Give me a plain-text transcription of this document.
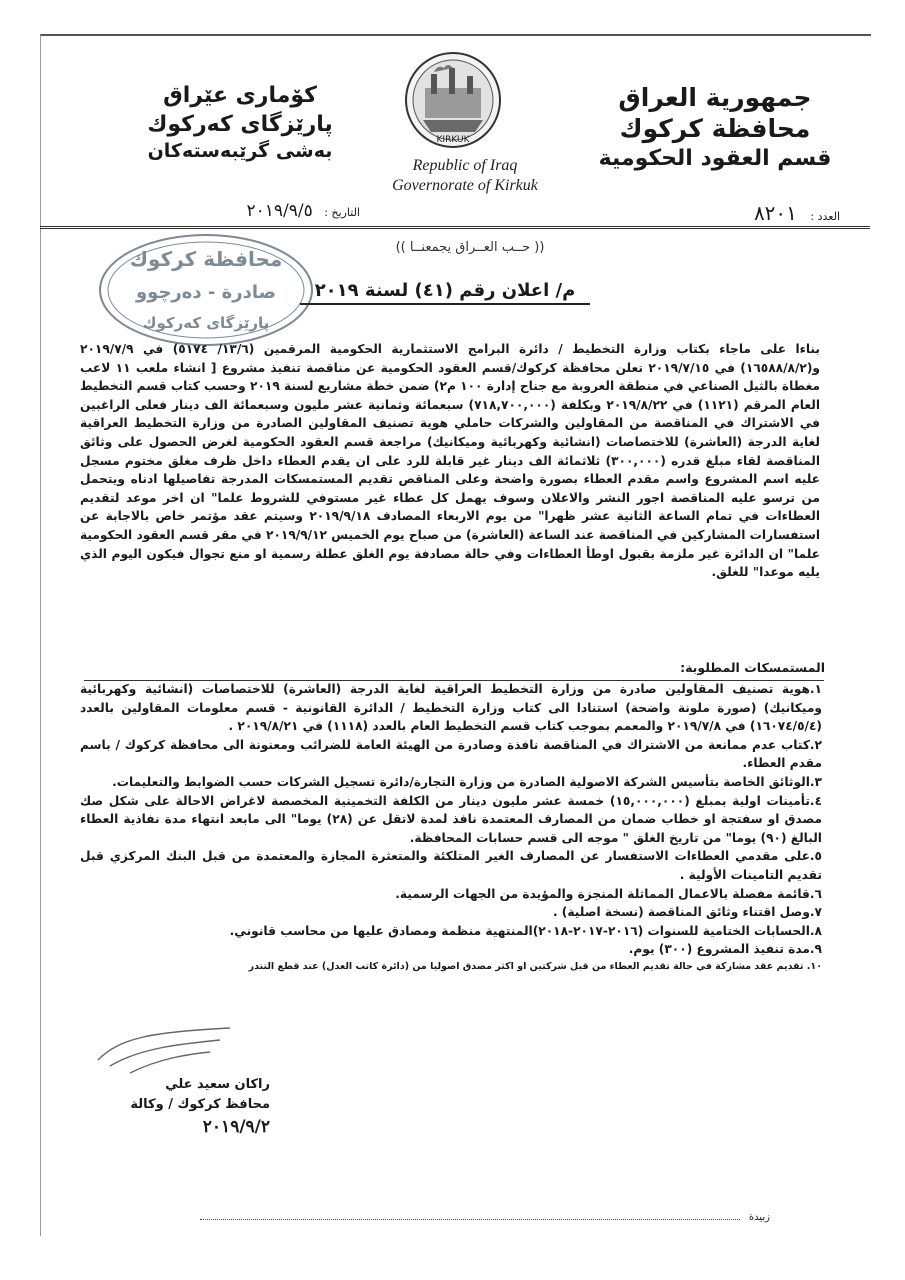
جمهورية العراق
محافظة كركوك
قسم العقود الحكومية
كۆماری عێراق
پارێزگای كەركوك
بەشی گرێبەستەكان
KIRKUK
Republic of Iraq
Governorate of Kirkuk
التاريخ : ٢٠١٩/٩/٥	العدد : ٨٢٠١
محافظة كركوك
صادرة - دەرچوو
پارێزگای كەركوك
(( حــب العــراق يجمعنــا ))
م/ اعلان رقم (٤١) لسنة ٢٠١٩
بناءا على ماجاء بكتاب وزارة التخطيط / دائرة البرامج الاستثمارية الحكومية المرقمين (١٣/٦/ ٥١٧٤) في ٢٠١٩/٧/٩ و(١٦٥٨٨/٨/٢) في ٢٠١٩/٧/١٥ تعلن محافظة كركوك/قسم العقود الحكومية عن مناقصة تنفيذ مشروع [ انشاء ملعب ١١ لاعب مغطاة بالثيل الصناعي في منطقة العروبة مع جناح إدارة ١٠٠ م٢) ضمن خطة مشاريع لسنة ٢٠١٩ وحسب كتاب قسم التخطيط العام المرقم (١١٢١) في ٢٠١٩/٨/٢٢ وبكلفة (٧١٨,٧٠٠,٠٠٠) سبعمائة وثمانية عشر مليون وسبعمائة الف دينار فعلى الراغبين في الاشتراك في المناقصة من المقاولين والشركات حاملي هوية تصنيف المقاولين الصادرة من وزارة التخطيط العراقية لغاية الدرجة (العاشرة) للاختصاصات (انشائية وكهربائية وميكانيك) مراجعة قسم العقود الحكومية لغرض الحصول على وثائق المناقصة لقاء مبلغ قدره (٣٠٠,٠٠٠) ثلاثمائة الف دينار غير قابلة للرد على ان يقدم العطاء داخل ظرف مغلق مختوم مسجل عليه اسم المشروع واسم مقدم العطاء بصورة واضحة وعلى المناقص تقديم المستمسكات المدرجة تفاصيلها ادناه ويتحمل من ترسو عليه المناقصة اجور النشر والاعلان وسوف يهمل كل عطاء غير مستوفي للشروط علما" ان اخر موعد لتقديم العطاءات في تمام الساعة الثانية عشر ظهرا" من يوم الاربعاء المصادف ٢٠١٩/٩/١٨ وسيتم عقد مؤتمر خاص بالاجابة عن استفسارات المشاركين في المناقصة عند الساعة (العاشرة) من صباح يوم الخميس ٢٠١٩/٩/١٢ في مقر قسم العقود الحكومية علما" ان الدائرة غير ملزمة بقبول اوطأ العطاءات وفي حالة مصادفة يوم الغلق عطلة رسمية او منع تجوال فيكون اليوم الذي يليه موعدا" للغلق.
المستمسكات المطلوبة:
١.هوية تصنيف المقاولين صادرة من وزارة التخطيط العراقية لغاية الدرجة (العاشرة) للاختصاصات (انشائية وكهربائية وميكانيك) (صورة ملونة واضحة) استنادا الى كتاب وزارة التخطيط / الدائرة القانونية - قسم معلومات المقاولين بالعدد (١٦٠٧٤/٥/٤) في ٢٠١٩/٧/٨ والمعمم بموجب كتاب قسم التخطيط العام بالعدد (١١١٨) في ٢٠١٩/٨/٢١ .
٢.كتاب عدم ممانعة من الاشتراك في المناقصة نافذة وصادرة من الهيئة العامة للضرائب ومعنونة الى محافظة كركوك / باسم مقدم العطاء.
٣.الوثائق الخاصة بتأسيس الشركة الاصولية الصادرة من وزارة التجارة/دائرة تسجيل الشركات حسب الضوابط والتعليمات.
٤.تأمينات اولية بمبلغ (١٥,٠٠٠,٠٠٠) خمسة عشر مليون دينار من الكلفة التخمينية المخصصة لاغراض الاحالة على شكل صك مصدق او سفتجة او خطاب ضمان من المصارف المعتمدة نافذ لمدة لاتقل عن (٢٨) يوما" الى مابعد انتهاء مدة نفاذية العطاء البالغ (٩٠) يوما" من تاريخ الغلق " موجه الى قسم حسابات المحافظة.
٥.على مقدمي العطاءات الاستفسار عن المصارف الغير المتلكئة والمتعثرة المجازة والمعتمدة من قبل البنك المركزي قبل تقديم التامينات الأولية .
٦.قائمة مفصلة بالاعمال المماثلة المنجزة والمؤيدة من الجهات الرسمية.
٧.وصل اقتناء وثائق المناقصة (نسخة اصلية) .
٨.الحسابات الختامية للسنوات (٢٠١٦-٢٠١٧-٢٠١٨)المنتهية منظمة ومصادق عليها من محاسب قانوني.
٩.مدة تنفيذ المشروع (٣٠٠) يوم.
١٠. تقديم عقد مشاركة في حالة تقديم العطاء من قبل شركتين او اكثر مصدق اصوليا من (دائرة كاتب العدل) عند قطع التندر
راكان سعيد علي
محافظ كركوك / وكالة
٢٠١٩/٩/٢
زبيدة
